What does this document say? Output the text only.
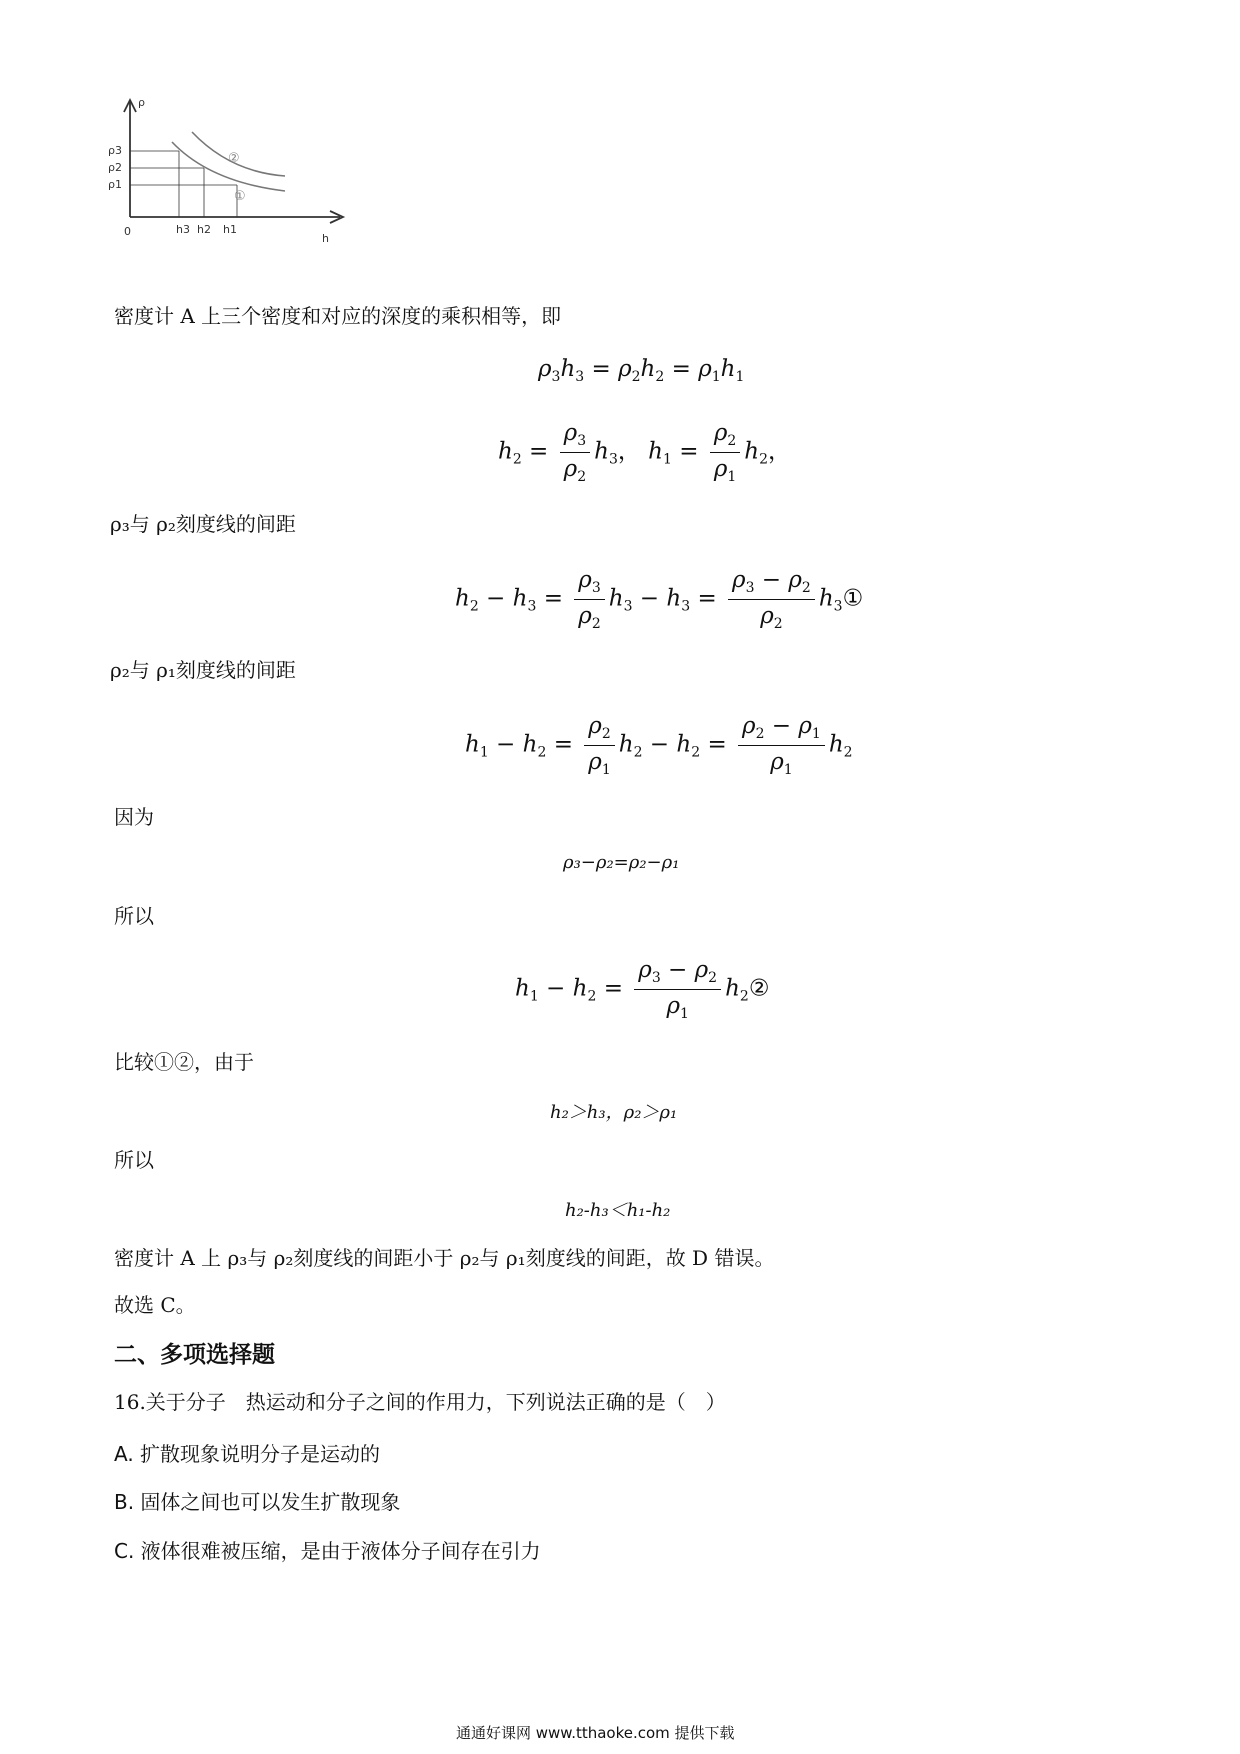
ρ
h
0
ρ3
ρ2
ρ1
h3 h2 h1
②
①
密度计 A 上三个密度和对应的深度的乘积相等，即
$\rho_3h_3 = \rho_2h_2 = \rho_1h_1$
$h_2 = \frac{\rho_3}{\rho_2} h_3$， $h_1 = \frac{\rho_2}{\rho_1} h_2$，
ρ₃与 ρ₂刻度线的间距
$h_2 - h_3 = \frac{\rho_3}{\rho_2} h_3 - h_3 = \frac{\rho_3 - \rho_2}{\rho_2}$ $h_3①$
ρ₂与 ρ₁刻度线的间距
$h_1 - h_2 = \frac{\rho_2}{\rho_1} h_2 - h_2 = \frac{\rho_2 - \rho_1}{\rho_1} h_2$
因为
ρ₃−ρ₂=ρ₂−ρ₁
所以
$h_1 - h_2 = \frac{\rho_3 - \rho_2}{\rho_1}$ $h_2②$
比较①②，由于
h₂＞h₃，ρ₂＞ρ₁
所以
h₂-h₃＜h₁-h₂
密度计 A 上 ρ₃与 ρ₂刻度线的间距小于 ρ₂与 ρ₁刻度线的间距，故 D 错误。
故选 C。
二、多项选择题
16.关于分子　热运动和分子之间的作用力，下列说法正确的是（　）
A. 扩散现象说明分子是运动的
B. 固体之间也可以发生扩散现象
C. 液体很难被压缩，是由于液体分子间存在引力
通通好课网 www.tthaoke.com 提供下载
